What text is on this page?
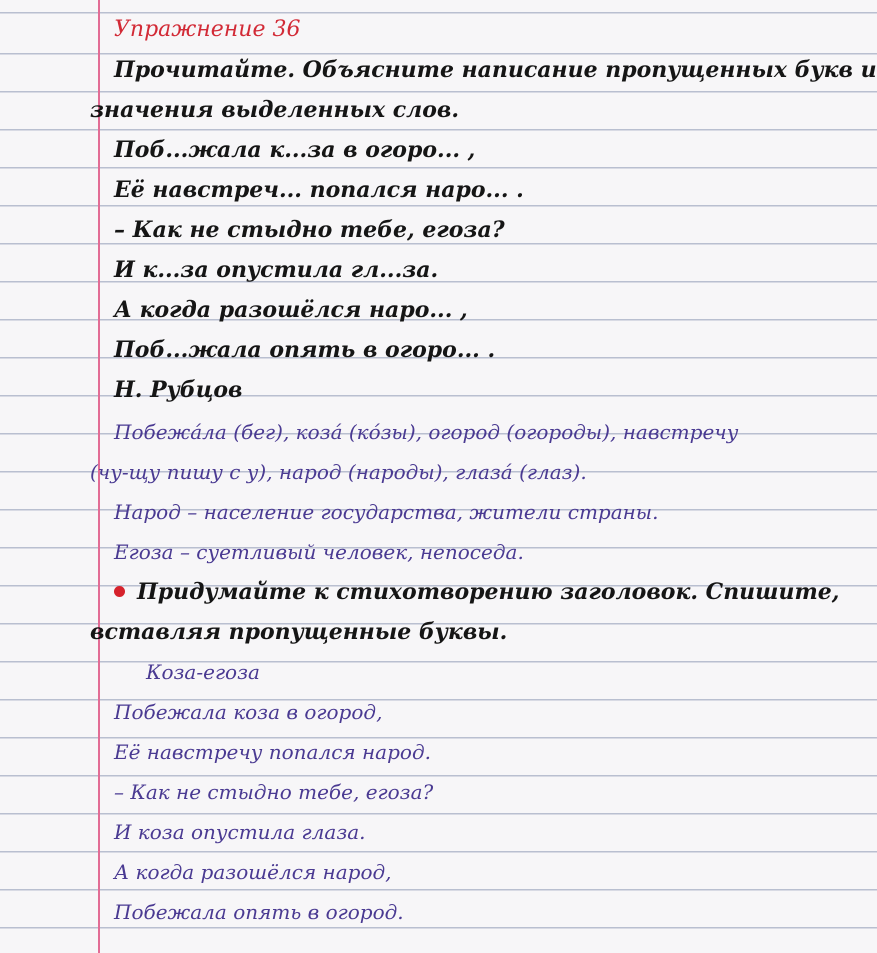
Упражнение 36
Прочитайте. Объясните написание пропущенных букв и
значения выделенных слов.
Поб...жала к...за в огоро... ,
Её навстреч... попался наро... .
– Как не стыдно тебе, егоза?
И к...за опустила гл...за.
А когда разошёлся наро... ,
Поб...жала опять в огоро... .
Н. Рубцов
Побежа́ла (бег), коза́ (ко́зы), огород (огороды), навстречу
(чу-щу пишу с у), народ (народы), глаза́ (глаз).
Народ – население государства, жители страны.
Егоза – суетливый человек, непоседа.
Придумайте к стихотворению заголовок. Спишите,
вставляя пропущенные буквы.
Коза-егоза
Побежала коза в огород,
Её навстречу попался народ.
– Как не стыдно тебе, егоза?
И коза опустила глаза.
А когда разошёлся народ,
Побежала опять в огород.
